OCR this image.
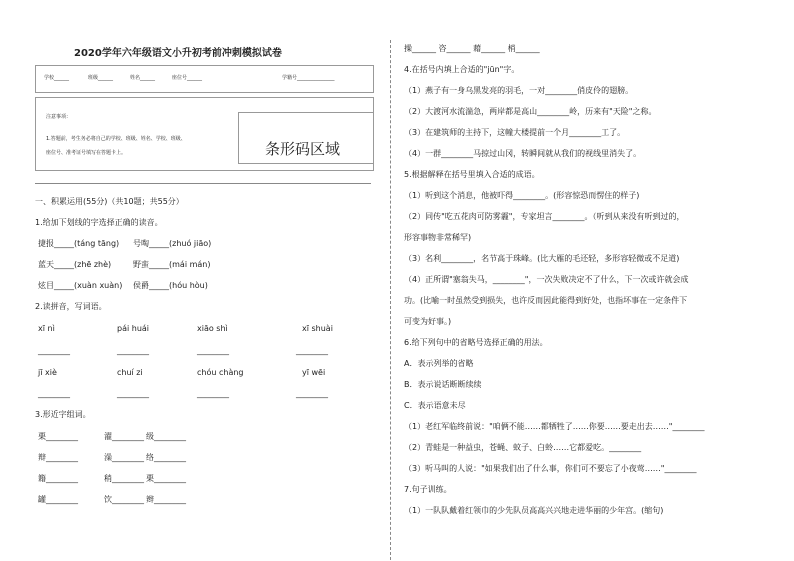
2020学年六年级语文小升初考前冲刺模拟试卷
学校______	班级______	姓名______	座位号______	学籍号_______________
注意事项：
1.答题前，考生务必将自己的学校、班级、姓名、学校、班级、
座位号、准考证号填写在答题卡上。	条形码区域
一、积累运用(55分)（共10题；共55分）
1.给加下划线的字选择正确的读音。
捷报_____(táng tāng) 号啕_____(zhuó jiāo)
蓝天_____(zhē zhè)	野蛮_____(mái mán)
炫目_____(xuàn xuàn) 侯爵_____(hóu hòu)
2.读拼音，写词语。
xī nì	pái huái	xiāo shì	xī shuài
________	________	________	________
jī xiè	chuí zi	chóu chàng	yī wēi
________	________	________	________
3.形近字组词。
栗________	濯________ 级________
辩________	澡________ 络________
籍________	稍________ 栗________
罐________	饮________ 辫________
操______ 咨______ 藉______ 梢______
4.在括号内填上合适的"jūn"字。
（1）燕子有一身乌黑发亮的羽毛，一对________俏皮伶的翅膀。
（2）大渡河水流湍急，两岸都是高山________岭，历来有"天险"之称。
（3）在建筑师的主持下，这幢大楼提前一个月________工了。
（4）一群________马掠过山冈，转瞬间就从我们的视线里消失了。
5.根据解释在括号里填入合适的成语。
（1）听到这个消息，他被吓得________。(形容惊恐而愣住的样子)
（2）同传"吃五花肉可防雾霾"，专家坦言________。（听到从来没有听到过的，
形容事物非常稀罕)
（3）名利________，名节高于珠峰。(比大雁的毛还轻，多形容轻微或不足道)
（4）正所谓"塞翁失马，________"，一次失败决定不了什么，下一次或许就会成
功。(比喻一时虽然受到损失，也许反而因此能得到好处，也指坏事在一定条件下
可变为好事。)
6.给下列句中的省略号选择正确的用法。
A．表示列举的省略
B．表示说话断断续续
C．表示语意未尽
（1）老红军临终前说："咱俩不能……都牺牲了……你要……要走出去……"________
（2）青蛙是一种益虫，苍蝇、蚊子、白蛉……它都爱吃。________
（3）听马叫的人说："如果我们出了什么事，你们可不要忘了小夜莺……"________
7.句子训练。
（1）一队队戴着红领巾的少先队员高高兴兴地走进华丽的少年宫。(缩句)
